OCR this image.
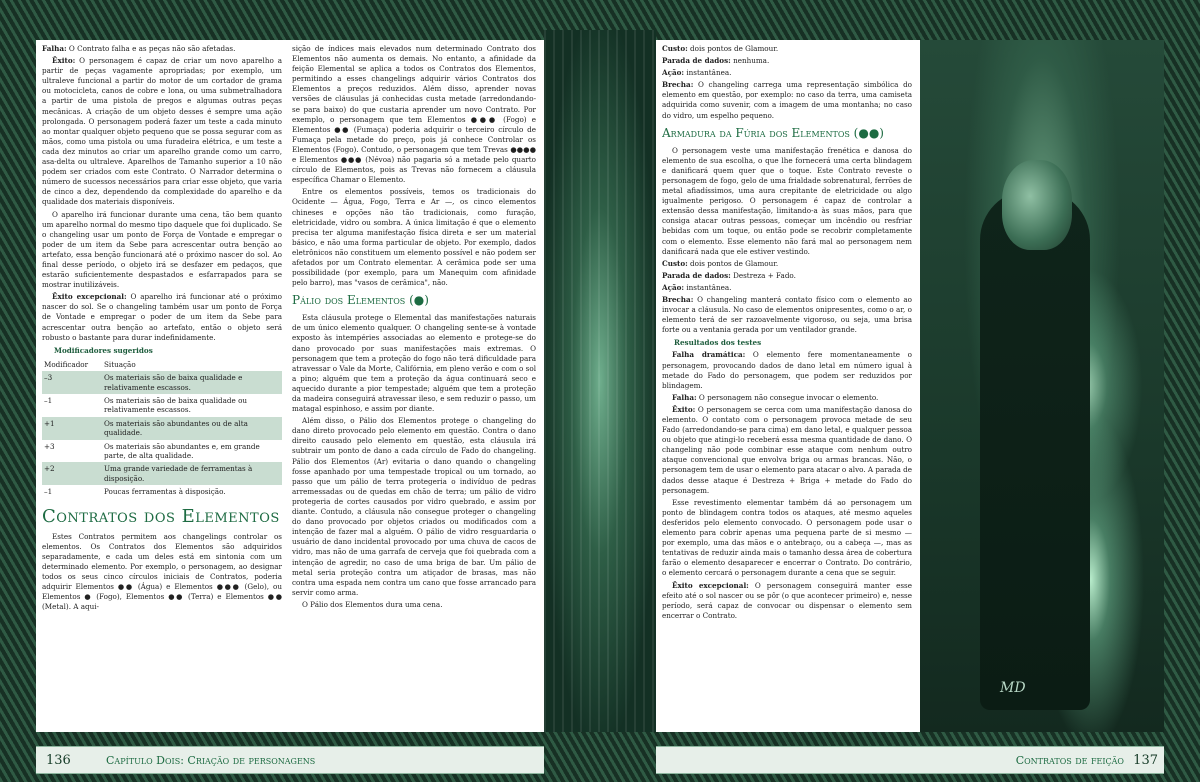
Falha: O Contrato falha e as peças não são afetadas.

Êxito: O personagem é capaz de criar um novo aparelho a partir de peças vagamente apropriadas; por exemplo, um ultraleve funcional a partir do motor de um cortador de grama ou motocicleta, canos de cobre e lona, ou uma submetralhadora a partir de uma pistola de pregos e algumas outras peças mecânicas. A criação de um objeto desses é sempre uma ação prolongada. O personagem poderá fazer um teste a cada minuto ao montar qualquer objeto pequeno que se possa segurar com as mãos, como uma pistola ou uma furadeira elétrica, e um teste a cada dez minutos ao criar um aparelho grande como um carro, asa-delta ou ultraleve. Aparelhos de Tamanho superior a 10 não podem ser criados com este Contrato. O Narrador determina o número de sucessos necessários para criar esse objeto, que varia de cinco a dez, dependendo da complexidade do aparelho e da qualidade dos materiais disponíveis.

O aparelho irá funcionar durante uma cena, tão bem quanto um aparelho normal do mesmo tipo daquele que foi duplicado. Se o changeling usar um ponto de Força de Vontade e empregar o poder de um item da Sebe para acrescentar outra benção ao artefato, essa benção funcionará até o próximo nascer do sol. Ao final desse período, o objeto irá se desfazer em pedaços, que estarão suficientemente despastados e esfarrapados para se mostrar inutilizáveis.

Êxito excepcional: O aparelho irá funcionar até o próximo nascer do sol. Se o changeling também usar um ponto de Força de Vontade e empregar o poder de um item da Sebe para acrescentar outra benção ao artefato, então o objeto será robusto o bastante para durar indefinidamente.

Modificadores sugeridos
Modificador	Situação
–3	Os materiais são de baixa qualidade e relativamente escassos.
–1	Os materiais são de baixa qualidade ou relativamente escassos.
+1	Os materiais são abundantes ou de alta qualidade.
+3	Os materiais são abundantes e, em grande parte, de alta qualidade.
+2	Uma grande variedade de ferramentas à disposição.
–1	Poucas ferramentas à disposição.
Contratos dos Elementos

Estes Contratos permitem aos changelings controlar os elementos. Os Contratos dos Elementos são adquiridos separadamente, e cada um deles está em sintonia com um determinado elemento. Por exemplo, o personagem, ao designar todos os seus cinco círculos iniciais de Contratos, poderia adquirir Elementos ●● (Água) e Elementos ●●● (Gelo), ou Elementos ● (Fogo), Elementos ●● (Terra) e Elementos ●● (Metal). A aqui-

sição de índices mais elevados num determinado Contrato dos Elementos não aumenta os demais. No entanto, a afinidade da feição Elemental se aplica a todos os Contratos dos Elementos, permitindo a esses changelings adquirir vários Contratos dos Elementos a preços reduzidos. Além disso, aprender novas versões de cláusulas já conhecidas custa metade (arredondando-se para baixo) do que custaria aprender um novo Contrato. Por exemplo, o personagem que tem Elementos ●●● (Fogo) e Elementos ●● (Fumaça) poderia adquirir o terceiro círculo de Fumaça pela metade do preço, pois já conhece Controlar os Elementos (Fogo). Contudo, o personagem que tem Trevas ●●●● e Elementos ●●● (Névoa) não pagaria só a metade pelo quarto círculo de Elementos, pois as Trevas não fornecem a cláusula específica Chamar o Elemento.

Entre os elementos possíveis, temos os tradicionais do Ocidente — Água, Fogo, Terra e Ar —, os cinco elementos chineses e opções não tão tradicionais, como furação, eletricidade, vidro ou sombra. A única limitação é que o elemento precisa ter alguma manifestação física direta e ser um material básico, e não uma forma particular de objeto. Por exemplo, dados eletrônicos não constituem um elemento possível e não podem ser afetados por um Contrato elementar. A cerâmica pode ser uma possibilidade (por exemplo, para um Manequim com afinidade pelo barro), mas "vasos de cerâmica", não.

Pálio dos Elementos (●)

Esta cláusula protege o Elemental das manifestações naturais de um único elemento qualquer. O changeling sente-se à vontade exposto às intempéries associadas ao elemento e protege-se do dano provocado por suas manifestações mais extremas. O personagem que tem a proteção do fogo não terá dificuldade para atravessar o Vale da Morte, Califórnia, em pleno verão e com o sol a pino; alguém que tem a proteção da água continuará seco e aquecido durante a pior tempestade; alguém que tem a proteção da madeira conseguirá atravessar ileso, e sem reduzir o passo, um matagal espinhoso, e assim por diante.

Além disso, o Pálio dos Elementos protege o changeling do dano direto provocado pelo elemento em questão. Contra o dano direito causado pelo elemento em questão, esta cláusula irá subtrair um ponto de dano a cada círculo de Fado do changeling. Pálio dos Elementos (Ar) evitaria o dano quando o changeling fosse apanhado por uma tempestade tropical ou um tornado, ao passo que um pálio de terra protegeria o indivíduo de pedras arremessadas ou de quedas em chão de terra; um pálio de vidro protegeria de cortes causados por vidro quebrado, e assim por diante. Contudo, a cláusula não consegue proteger o changeling do dano provocado por objetos criados ou modificados com a intenção de fazer mal a alguém. O pálio de vidro resguardaria o usuário de dano incidental provocado por uma chuva de cacos de vidro, mas não de uma garrafa de cerveja que foi quebrada com a intenção de agredir, no caso de uma briga de bar. Um pálio de metal seria proteção contra um atiçador de brasas, mas não contra uma espada nem contra um cano que fosse arrancado para servir como arma.

O Pálio dos Elementos dura uma cena.

Custo: dois pontos de Glamour.

Parada de dados: nenhuma.

Ação: instantânea.

Brecha: O changeling carrega uma representação simbólica do elemento em questão, por exemplo: no caso da terra, uma camiseta adquirida como suvenir, com a imagem de uma montanha; no caso do vidro, um espelho pequeno.

Armadura da Fúria dos Elementos (●●)

O personagem veste uma manifestação frenética e danosa do elemento de sua escolha, o que lhe fornecerá uma certa blindagem e danificará quem quer que o toque. Este Contrato reveste o personagem de fogo, gelo de uma frialdade sobrenatural, ferrões de metal afiadíssimos, uma aura crepitante de eletricidade ou algo igualmente perigoso. O personagem é capaz de controlar a extensão dessa manifestação, limitando-a às suas mãos, para que consiga atacar outras pessoas, começar um incêndio ou resfriar bebidas com um toque, ou então pode se recobrir completamente com o elemento. Esse elemento não fará mal ao personagem nem danificará nada que ele estiver vestindo.

Custo: dois pontos de Glamour.

Parada de dados: Destreza + Fado.

Ação: instantânea.

Brecha: O changeling manterá contato físico com o elemento ao invocar a cláusula. No caso de elementos onipresentes, como o ar, o elemento terá de ser razoavelmente vigoroso, ou seja, uma brisa forte ou a ventania gerada por um ventilador grande.

Resultados dos testes

Falha dramática: O elemento fere momentaneamente o personagem, provocando dados de dano letal em número igual à metade do Fado do personagem, que podem ser reduzidos por blindagem.

Falha: O personagem não consegue invocar o elemento.

Êxito: O personagem se cerca com uma manifestação danosa do elemento. O contato com o personagem provoca metade de seu Fado (arredondando-se para cima) em dano letal, e qualquer pessoa ou objeto que atingi-lo receberá essa mesma quantidade de dano. O changeling não pode combinar esse ataque com nenhum outro ataque convencional que envolva briga ou armas brancas. Não, o personagem tem de usar o elemento para atacar o alvo. A parada de dados desse ataque é Destreza + Briga + metade do Fado do personagem.

Esse revestimento elementar também dá ao personagem um ponto de blindagem contra todos os ataques, até mesmo aqueles desferidos pelo elemento convocado. O personagem pode usar o elemento para cobrir apenas uma pequena parte de si mesmo — por exemplo, uma das mãos e o antebraço, ou a cabeça —, mas as tentativas de reduzir ainda mais o tamanho dessa área de cobertura farão o elemento desaparecer e encerrar o Contrato. Do contrário, o elemento cercará o personagem durante a cena que se seguir.

Êxito excepcional: O personagem conseguirá manter esse efeito até o sol nascer ou se pôr (o que acontecer primeiro) e, nesse período, será capaz de convocar ou dispensar o elemento sem encerrar o Contrato.

MD
136	Capítulo Dois: Criação de personagens	Contratos de feição 137
